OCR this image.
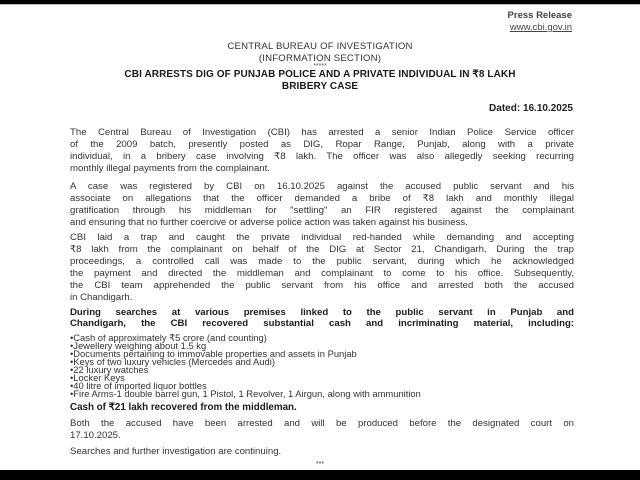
Press Release
www.cbi.gov.in
CENTRAL BUREAU OF INVESTIGATION
(INFORMATION SECTION)
*****
CBI ARRESTS DIG OF PUNJAB POLICE AND A PRIVATE INDIVIDUAL IN ₹8 LAKH
BRIBERY CASE
Dated: 16.10.2025
The Central Bureau of Investigation (CBI) has arrested a senior Indian Police Service officer
of the 2009 batch, presently posted as DIG, Ropar Range, Punjab, along with a private
individual, in a bribery case involving ₹8 lakh. The officer was also allegedly seeking recurring
monthly illegal payments from the complainant.
A case was registered by CBI on 16.10.2025 against the accused public servant and his
associate on allegations that the officer demanded a bribe of ₹8 lakh and monthly illegal
gratification through his middleman for "settling" an FIR registered against the complainant
and ensuring that no further coercive or adverse police action was taken against his business.
CBI laid a trap and caught the private individual red-handed while demanding and accepting
₹8 lakh from the complainant on behalf of the DIG at Sector 21, Chandigarh. During the trap
proceedings, a controlled call was made to the public servant, during which he acknowledged
the payment and directed the middleman and complainant to come to his office. Subsequently,
the CBI team apprehended the public servant from his office and arrested both the accused
in Chandigarh.
During searches at various premises linked to the public servant in Punjab and
Chandigarh, the CBI recovered substantial cash and incriminating material, including:
•Cash of approximately ₹5 crore (and counting)
•Jewellery weighing about 1.5 kg
•Documents pertaining to immovable properties and assets in Punjab
•Keys of two luxury vehicles (Mercedes and Audi)
•22 luxury watches
•Locker Keys
•40 litre of imported liquor bottles
•Fire Arms-1 double barrel gun, 1 Pistol, 1 Revolver, 1 Airgun, along with ammunition
Cash of ₹21 lakh recovered from the middleman.
Both the accused have been arrested and will be produced before the designated court on
17.10.2025.
Searches and further investigation are continuing.
***
